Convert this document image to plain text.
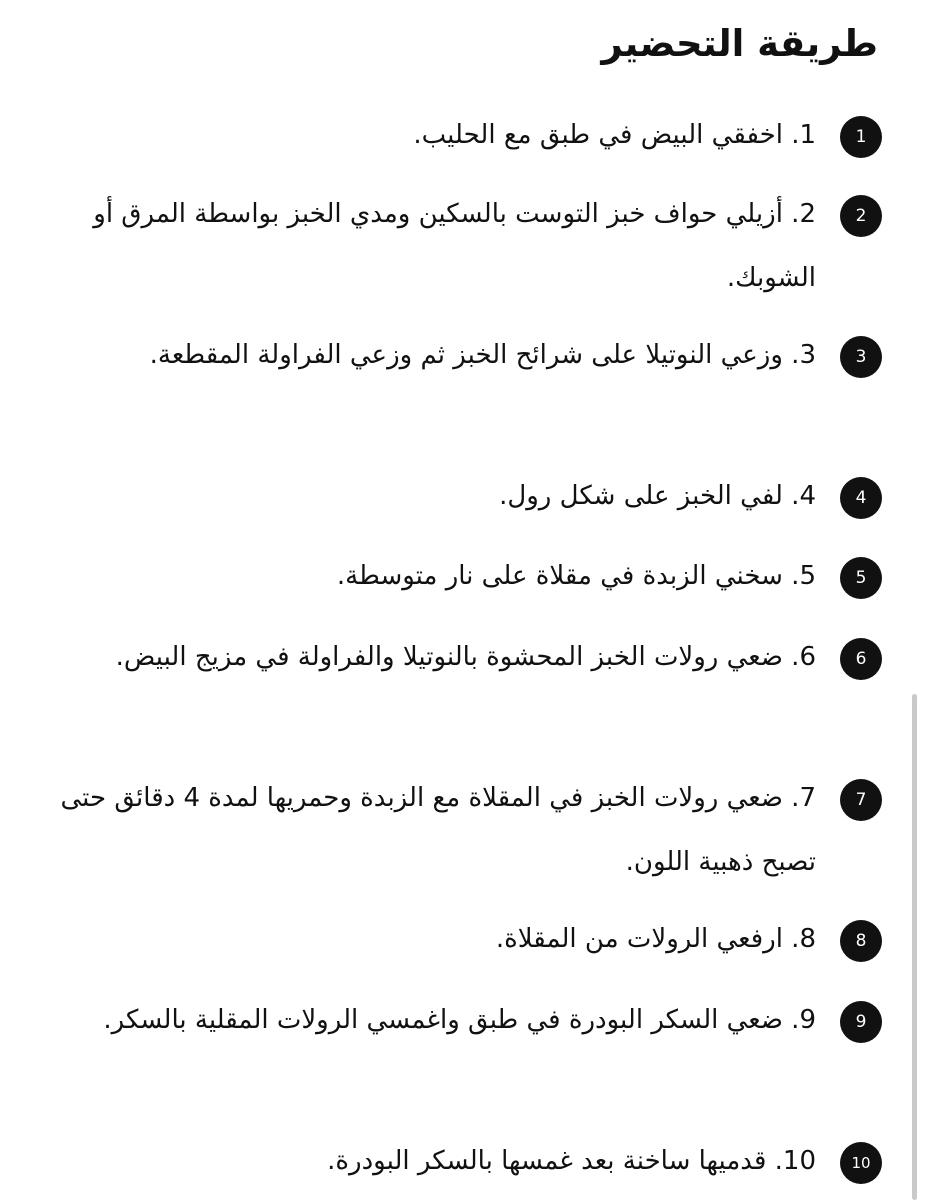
طريقة التحضير
1

1. اخفقي البيض في طبق مع الحليب.

2

2. أزيلي حواف خبز التوست بالسكين ومدي الخبز بواسطة المرق أو الشوبك.

3

3. وزعي النوتيلا على شرائح الخبز ثم وزعي الفراولة المقطعة.

4

4. لفي الخبز على شكل رول.

5

5. سخني الزبدة في مقلاة على نار متوسطة.

6

6. ضعي رولات الخبز المحشوة بالنوتيلا والفراولة في مزيج البيض.

7

7. ضعي رولات الخبز في المقلاة مع الزبدة وحمريها لمدة 4 دقائق حتى تصبح ذهبية اللون.

8

8. ارفعي الرولات من المقلاة.

9

9. ضعي السكر البودرة في طبق واغمسي الرولات المقلية بالسكر.

10

10. قدميها ساخنة بعد غمسها بالسكر البودرة.
